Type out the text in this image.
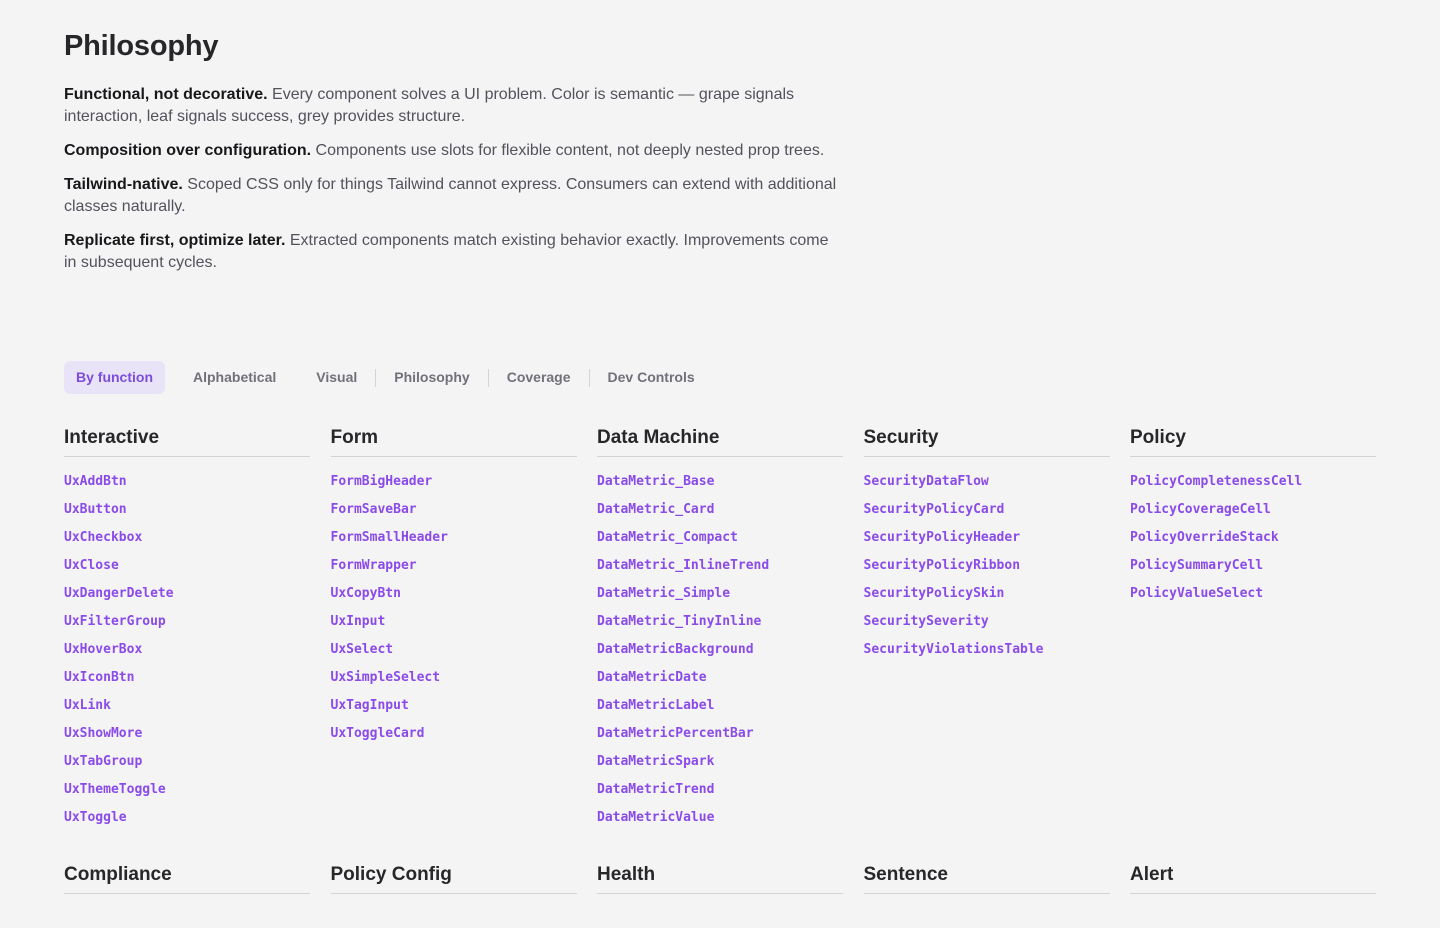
Philosophy

Functional, not decorative. Every component solves a UI problem. Color is semantic — grape signals interaction, leaf signals success, grey provides structure.

Composition over configuration. Components use slots for flexible content, not deeply nested prop trees.

Tailwind-native. Scoped CSS only for things Tailwind cannot express. Consumers can extend with additional classes naturally.

Replicate first, optimize later. Extracted components match existing behavior exactly. Improvements come in subsequent cycles.

By function	Alphabetical	Visual	Philosophy	Coverage	Dev Controls
Interactive
UxAddBtn
UxButton
UxCheckbox
UxClose
UxDangerDelete
UxFilterGroup
UxHoverBox
UxIconBtn
UxLink
UxShowMore
UxTabGroup
UxThemeToggle
UxToggle
Form
FormBigHeader
FormSaveBar
FormSmallHeader
FormWrapper
UxCopyBtn
UxInput
UxSelect
UxSimpleSelect
UxTagInput
UxToggleCard
Data Machine
DataMetric_Base
DataMetric_Card
DataMetric_Compact
DataMetric_InlineTrend
DataMetric_Simple
DataMetric_TinyInline
DataMetricBackground
DataMetricDate
DataMetricLabel
DataMetricPercentBar
DataMetricSpark
DataMetricTrend
DataMetricValue
Security
SecurityDataFlow
SecurityPolicyCard
SecurityPolicyHeader
SecurityPolicyRibbon
SecurityPolicySkin
SecuritySeverity
SecurityViolationsTable
Policy
PolicyCompletenessCell
PolicyCoverageCell
PolicyOverrideStack
PolicySummaryCell
PolicyValueSelect
Compliance	Policy Config	Health	Sentence	Alert
